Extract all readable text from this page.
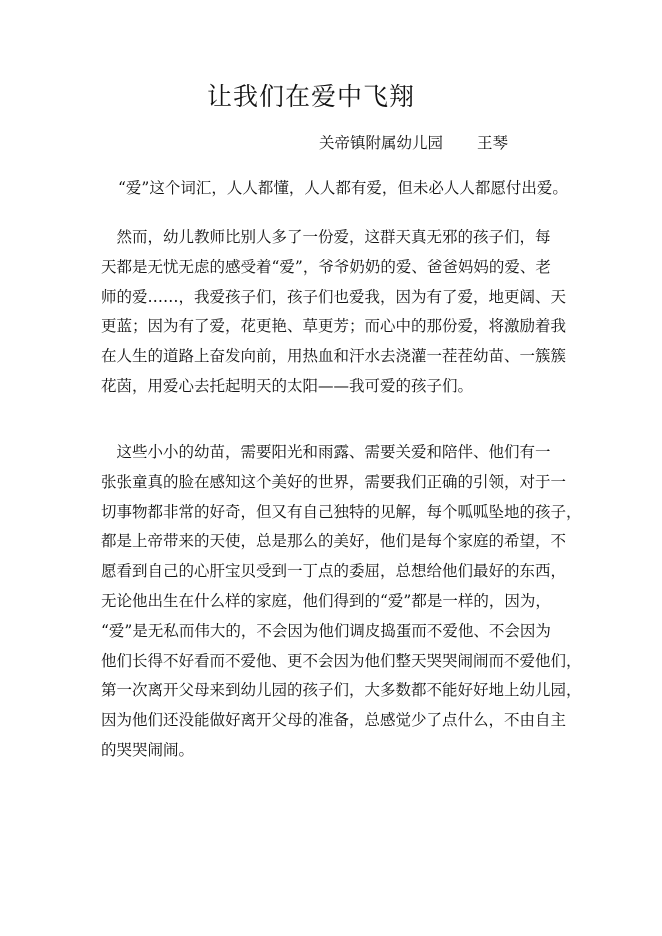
让我们在爱中飞翔
关帝镇附属幼儿园 王琴
“爱”这个词汇，人人都懂，人人都有爱，但未必人人都愿付出爱。

　然而，幼儿教师比别人多了一份爱，这群天真无邪的孩子们，每
天都是无忧无虑的感受着“爱”，爷爷奶奶的爱、爸爸妈妈的爱、老
师的爱……，我爱孩子们，孩子们也爱我，因为有了爱，地更阔、天
更蓝；因为有了爱，花更艳、草更芳；而心中的那份爱，将激励着我
在人生的道路上奋发向前，用热血和汗水去浇灌一茬茬幼苗、一簇簇
花茵，用爱心去托起明天的太阳——我可爱的孩子们。

　这些小小的幼苗，需要阳光和雨露、需要关爱和陪伴、他们有一
张张童真的脸在感知这个美好的世界，需要我们正确的引领，对于一
切事物都非常的好奇，但又有自己独特的见解，每个呱呱坠地的孩子，
都是上帝带来的天使，总是那么的美好，他们是每个家庭的希望，不
愿看到自己的心肝宝贝受到一丁点的委屈，总想给他们最好的东西，
无论他出生在什么样的家庭，他们得到的“爱”都是一样的，因为，
“爱”是无私而伟大的，不会因为他们调皮捣蛋而不爱他、不会因为
他们长得不好看而不爱他、更不会因为他们整天哭哭闹闹而不爱他们，
第一次离开父母来到幼儿园的孩子们，大多数都不能好好地上幼儿园，
因为他们还没能做好离开父母的准备，总感觉少了点什么，不由自主
的哭哭闹闹。
